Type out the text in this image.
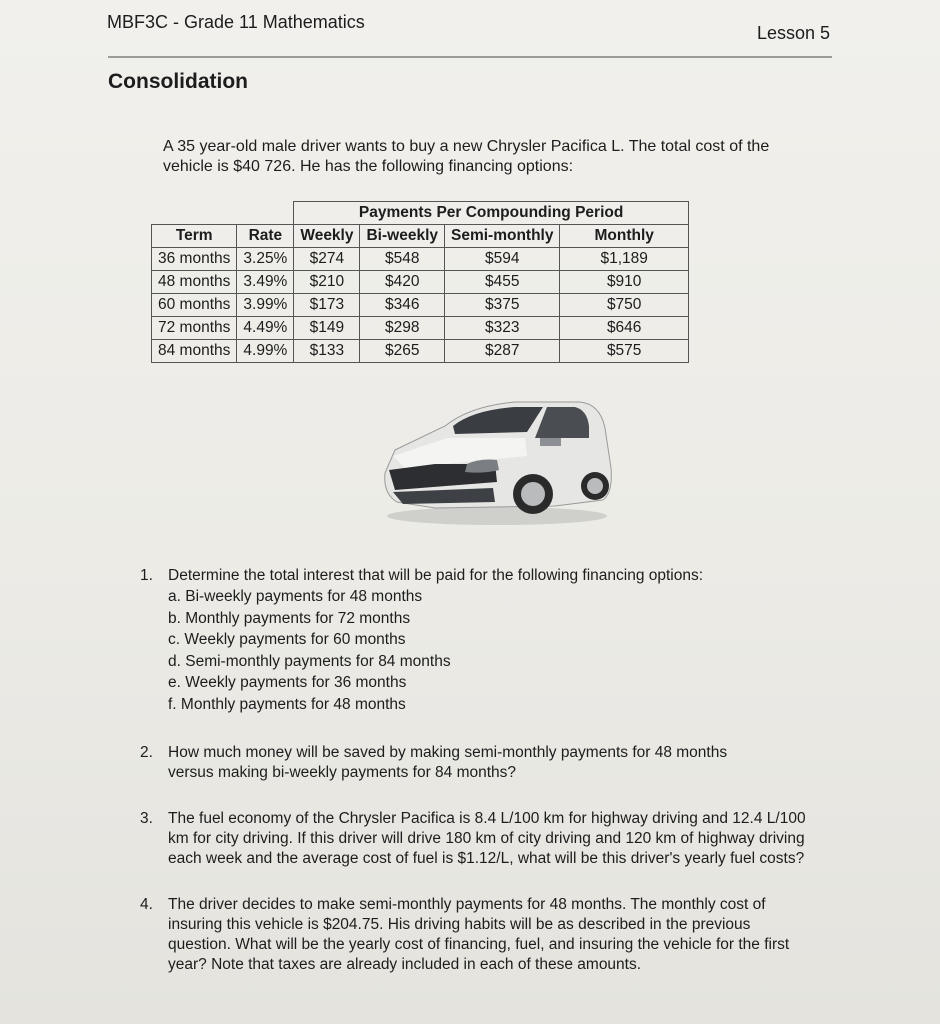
MBF3C - Grade 11 Mathematics
Lesson 5
Consolidation
A 35 year-old male driver wants to buy a new Chrysler Pacifica L. The total cost of the vehicle is $40 726. He has the following financing options:
		Payments Per Compounding Period			
Term	Rate	Weekly	Bi-weekly	Semi-monthly	Monthly
36 months	3.25%	$274	$548	$594	$1,189
48 months	3.49%	$210	$420	$455	$910
60 months	3.99%	$173	$346	$375	$750
72 months	4.49%	$149	$298	$323	$646
84 months	4.99%	$133	$265	$287	$575
1. Determine the total interest that will be paid for the following financing options:
a. Bi-weekly payments for 48 months
b. Monthly payments for 72 months
c. Weekly payments for 60 months
d. Semi-monthly payments for 84 months
e. Weekly payments for 36 months
f. Monthly payments for 48 months
2. How much money will be saved by making semi-monthly payments for 48 months versus making bi-weekly payments for 84 months?
3. The fuel economy of the Chrysler Pacifica is 8.4 L/100 km for highway driving and 12.4 L/100 km for city driving. If this driver will drive 180 km of city driving and 120 km of highway driving each week and the average cost of fuel is $1.12/L, what will be this driver's yearly fuel costs?
4. The driver decides to make semi-monthly payments for 48 months. The monthly cost of insuring this vehicle is $204.75. His driving habits will be as described in the previous question. What will be the yearly cost of financing, fuel, and insuring the vehicle for the first year? Note that taxes are already included in each of these amounts.
